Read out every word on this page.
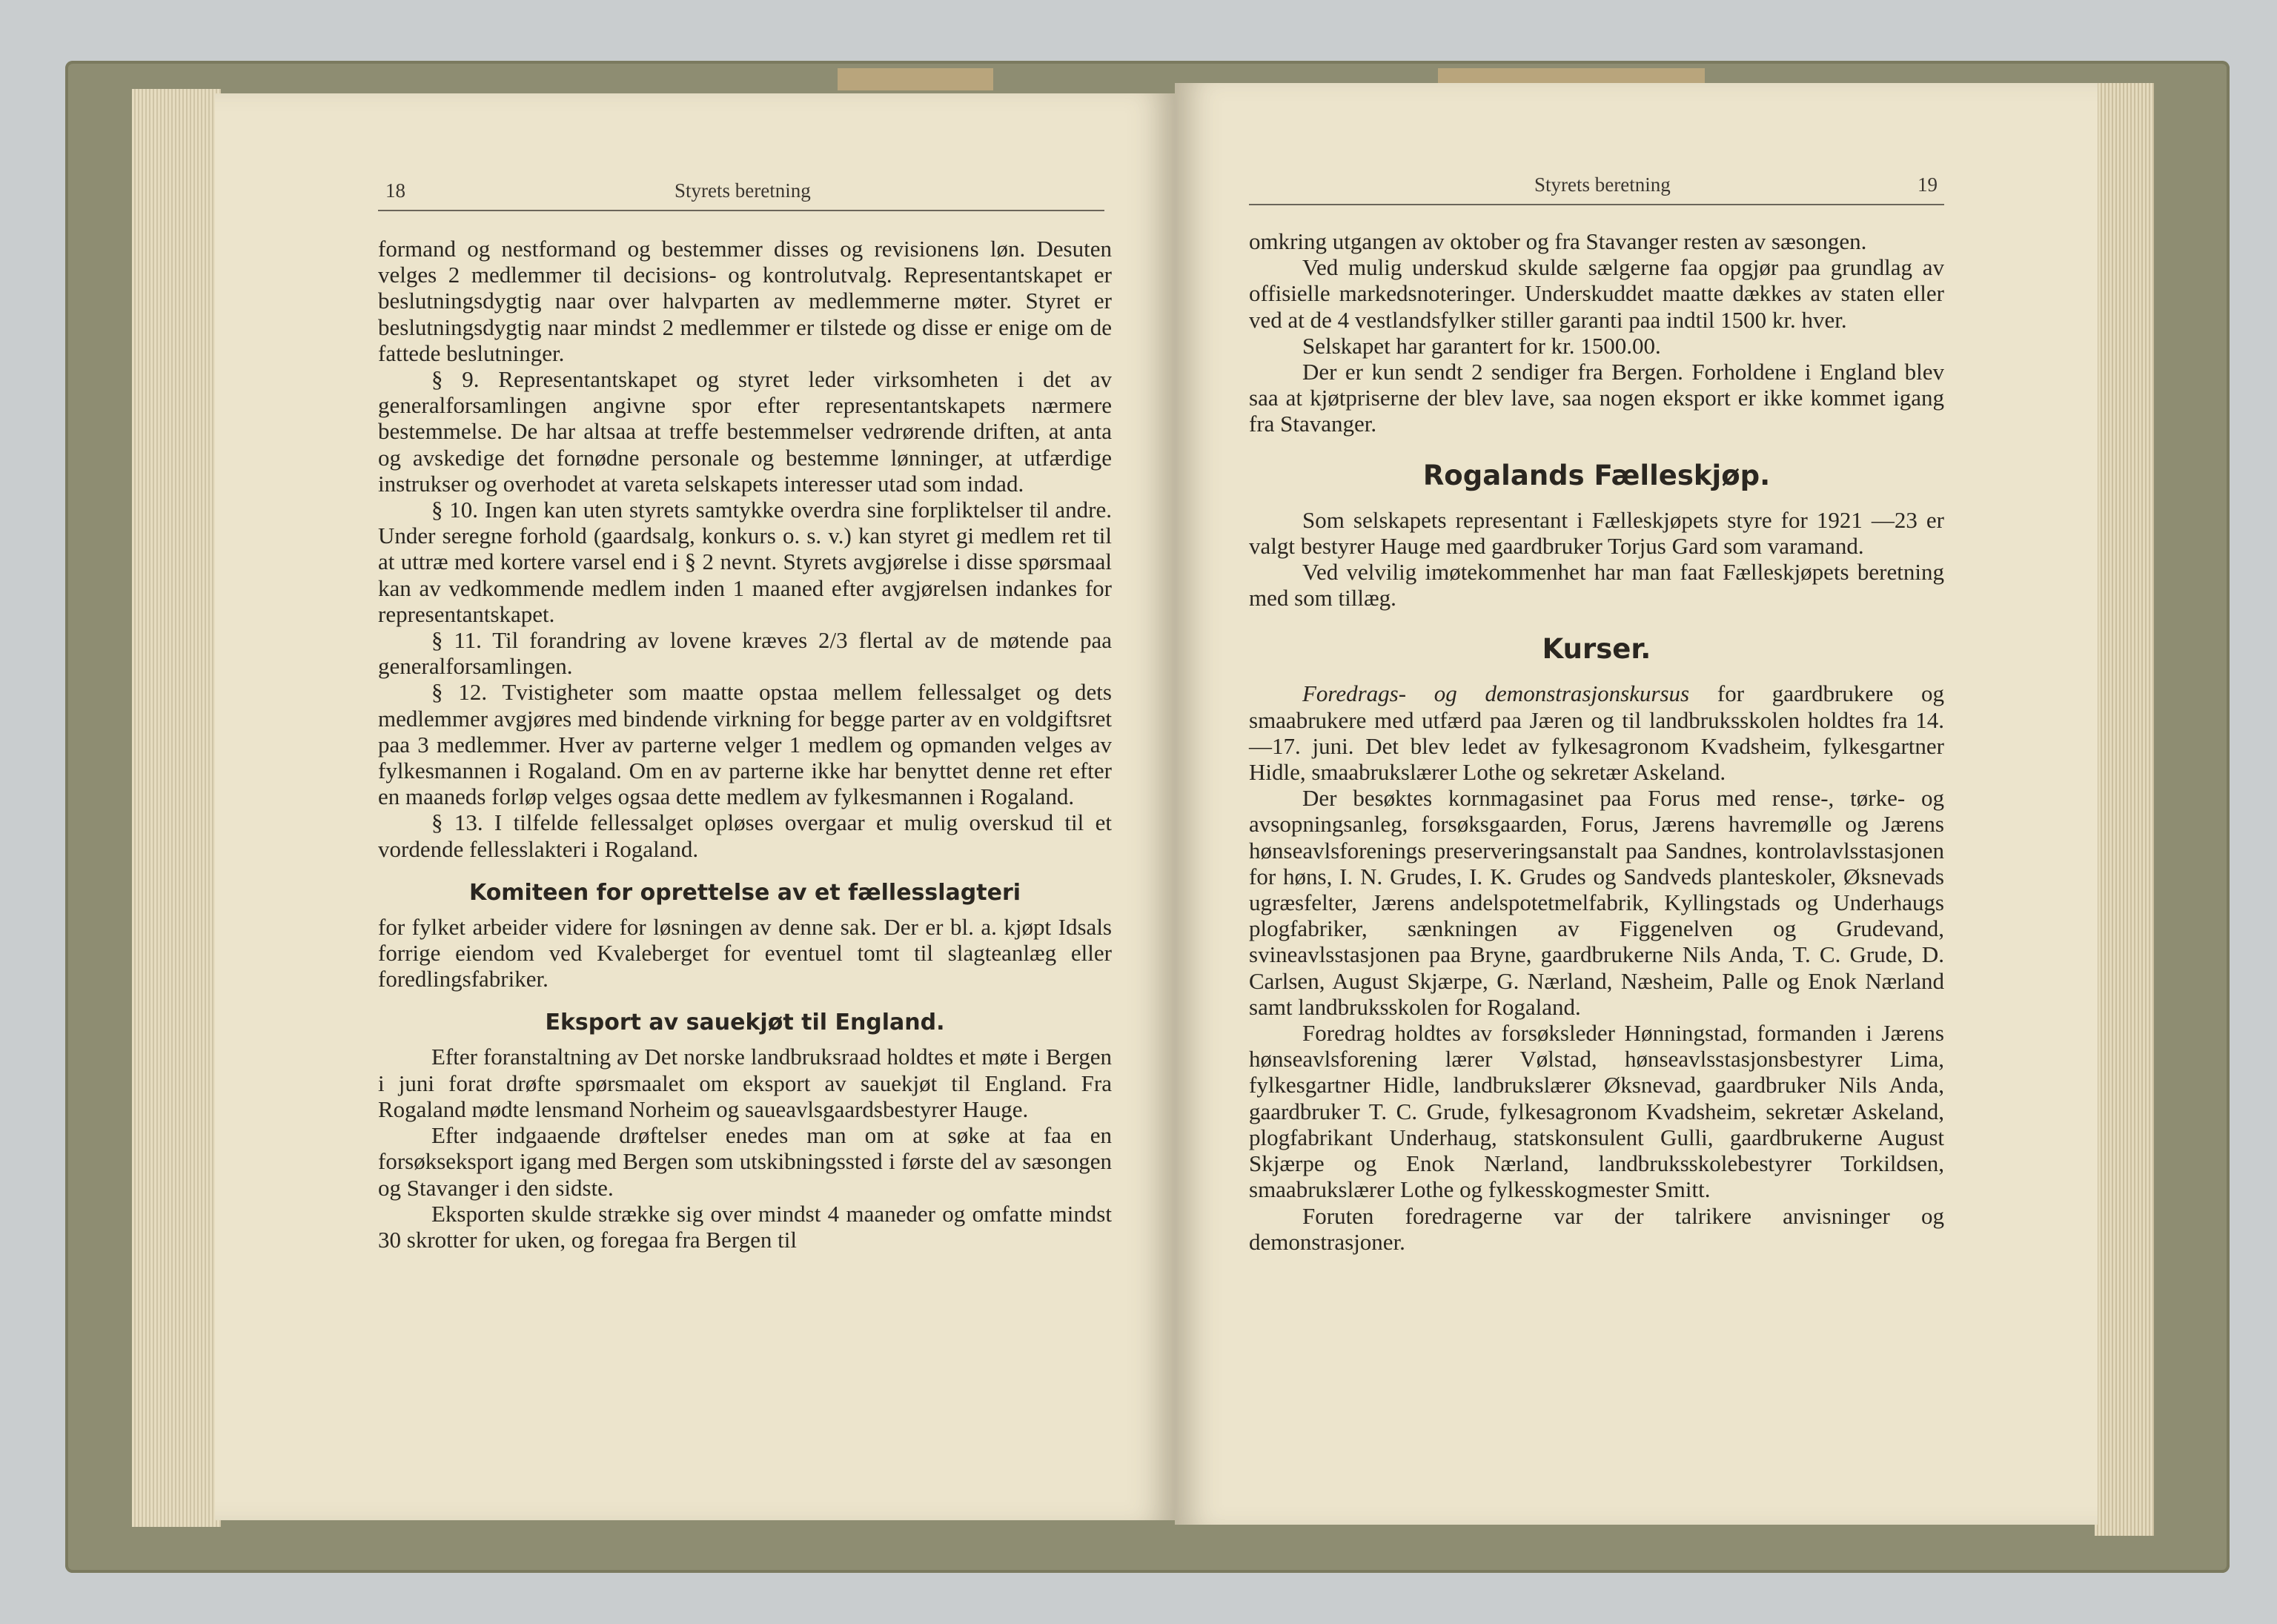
18	Styrets beretning

formand og nestformand og bestemmer disses og revisionens løn. Desuten velges 2 medlemmer til decisions- og kontrolutvalg. Representantskapet er beslutningsdygtig naar over halvparten av medlemmerne møter. Styret er beslutningsdygtig naar mindst 2 medlemmer er tilstede og disse er enige om de fattede beslutninger.

§ 9. Representantskapet og styret leder virksomheten i det av generalforsamlingen angivne spor efter representantskapets nærmere bestemmelse. De har altsaa at treffe bestemmelser vedrørende driften, at anta og avskedige det fornødne personale og bestemme lønninger, at utfærdige instrukser og overhodet at vareta selskapets interesser utad som indad.

§ 10. Ingen kan uten styrets samtykke overdra sine forpliktelser til andre. Under seregne forhold (gaardsalg, konkurs o. s. v.) kan styret gi medlem ret til at uttræ med kortere varsel end i § 2 nevnt. Styrets avgjørelse i disse spørsmaal kan av vedkommende medlem inden 1 maaned efter avgjørelsen indankes for representantskapet.

§ 11. Til forandring av lovene kræves 2/3 flertal av de møtende paa generalforsamlingen.

§ 12. Tvistigheter som maatte opstaa mellem fellessalget og dets medlemmer avgjøres med bindende virkning for begge parter av en voldgiftsret paa 3 medlemmer. Hver av parterne velger 1 medlem og opmanden velges av fylkesmannen i Rogaland. Om en av parterne ikke har benyttet denne ret efter en maaneds forløp velges ogsaa dette medlem av fylkesmannen i Rogaland.

§ 13. I tilfelde fellessalget opløses overgaar et mulig overskud til et vordende fellesslakteri i Rogaland.

Komiteen for oprettelse av et fællesslagteri

for fylket arbeider videre for løsningen av denne sak. Der er bl. a. kjøpt Idsals forrige eiendom ved Kvaleberget for eventuel tomt til slagteanlæg eller foredlingsfabriker.

Eksport av sauekjøt til England.

Efter foranstaltning av Det norske landbruksraad holdtes et møte i Bergen i juni forat drøfte spørsmaalet om eksport av sauekjøt til England. Fra Rogaland mødte lensmand Norheim og saueavlsgaardsbestyrer Hauge.

Efter indgaaende drøftelser enedes man om at søke at faa en forsøkseksport igang med Bergen som utskibningssted i første del av sæsongen og Stavanger i den sidste.

Eksporten skulde strække sig over mindst 4 maaneder og omfatte mindst 30 skrotter for uken, og foregaa fra Bergen til

Styrets beretning	19

omkring utgangen av oktober og fra Stavanger resten av sæsongen.

Ved mulig underskud skulde sælgerne faa opgjør paa grundlag av offisielle markedsnoteringer. Underskuddet maatte dækkes av staten eller ved at de 4 vestlandsfylker stiller garanti paa indtil 1500 kr. hver.

Selskapet har garantert for kr. 1500.00.

Der er kun sendt 2 sendiger fra Bergen. Forholdene i England blev saa at kjøtpriserne der blev lave, saa nogen eksport er ikke kommet igang fra Stavanger.

Rogalands Fælleskjøp.

Som selskapets representant i Fælleskjøpets styre for 1921 —23 er valgt bestyrer Hauge med gaardbruker Torjus Gard som varamand.

Ved velvilig imøtekommenhet har man faat Fælleskjøpets beretning med som tillæg.

Kurser.

Foredrags- og demonstrasjonskursus for gaardbrukere og smaabrukere med utfærd paa Jæren og til landbruksskolen holdtes fra 14.—17. juni. Det blev ledet av fylkesagronom Kvadsheim, fylkesgartner Hidle, smaabrukslærer Lothe og sekretær Askeland.

Der besøktes kornmagasinet paa Forus med rense-, tørke- og avsopningsanleg, forsøksgaarden, Forus, Jærens havremølle og Jærens hønseavlsforenings preserveringsanstalt paa Sandnes, kontrolavlsstasjonen for høns, I. N. Grudes, I. K. Grudes og Sandveds planteskoler, Øksnevads ugræsfelter, Jærens andelspotetmelfabrik, Kyllingstads og Underhaugs plogfabriker, sænkningen av Figgenelven og Grudevand, svineavlsstasjonen paa Bryne, gaardbrukerne Nils Anda, T. C. Grude, D. Carlsen, August Skjærpe, G. Nærland, Næsheim, Palle og Enok Nærland samt landbruksskolen for Rogaland.

Foredrag holdtes av forsøksleder Hønningstad, formanden i Jærens hønseavlsforening lærer Vølstad, hønseavlsstasjonsbestyrer Lima, fylkesgartner Hidle, landbrukslærer Øksnevad, gaardbruker Nils Anda, gaardbruker T. C. Grude, fylkesagronom Kvadsheim, sekretær Askeland, plogfabrikant Underhaug, statskonsulent Gulli, gaardbrukerne August Skjærpe og Enok Nærland, landbruksskolebestyrer Torkildsen, smaabrukslærer Lothe og fylkesskogmester Smitt.

Foruten foredragerne var der talrikere anvisninger og demonstrasjoner.
